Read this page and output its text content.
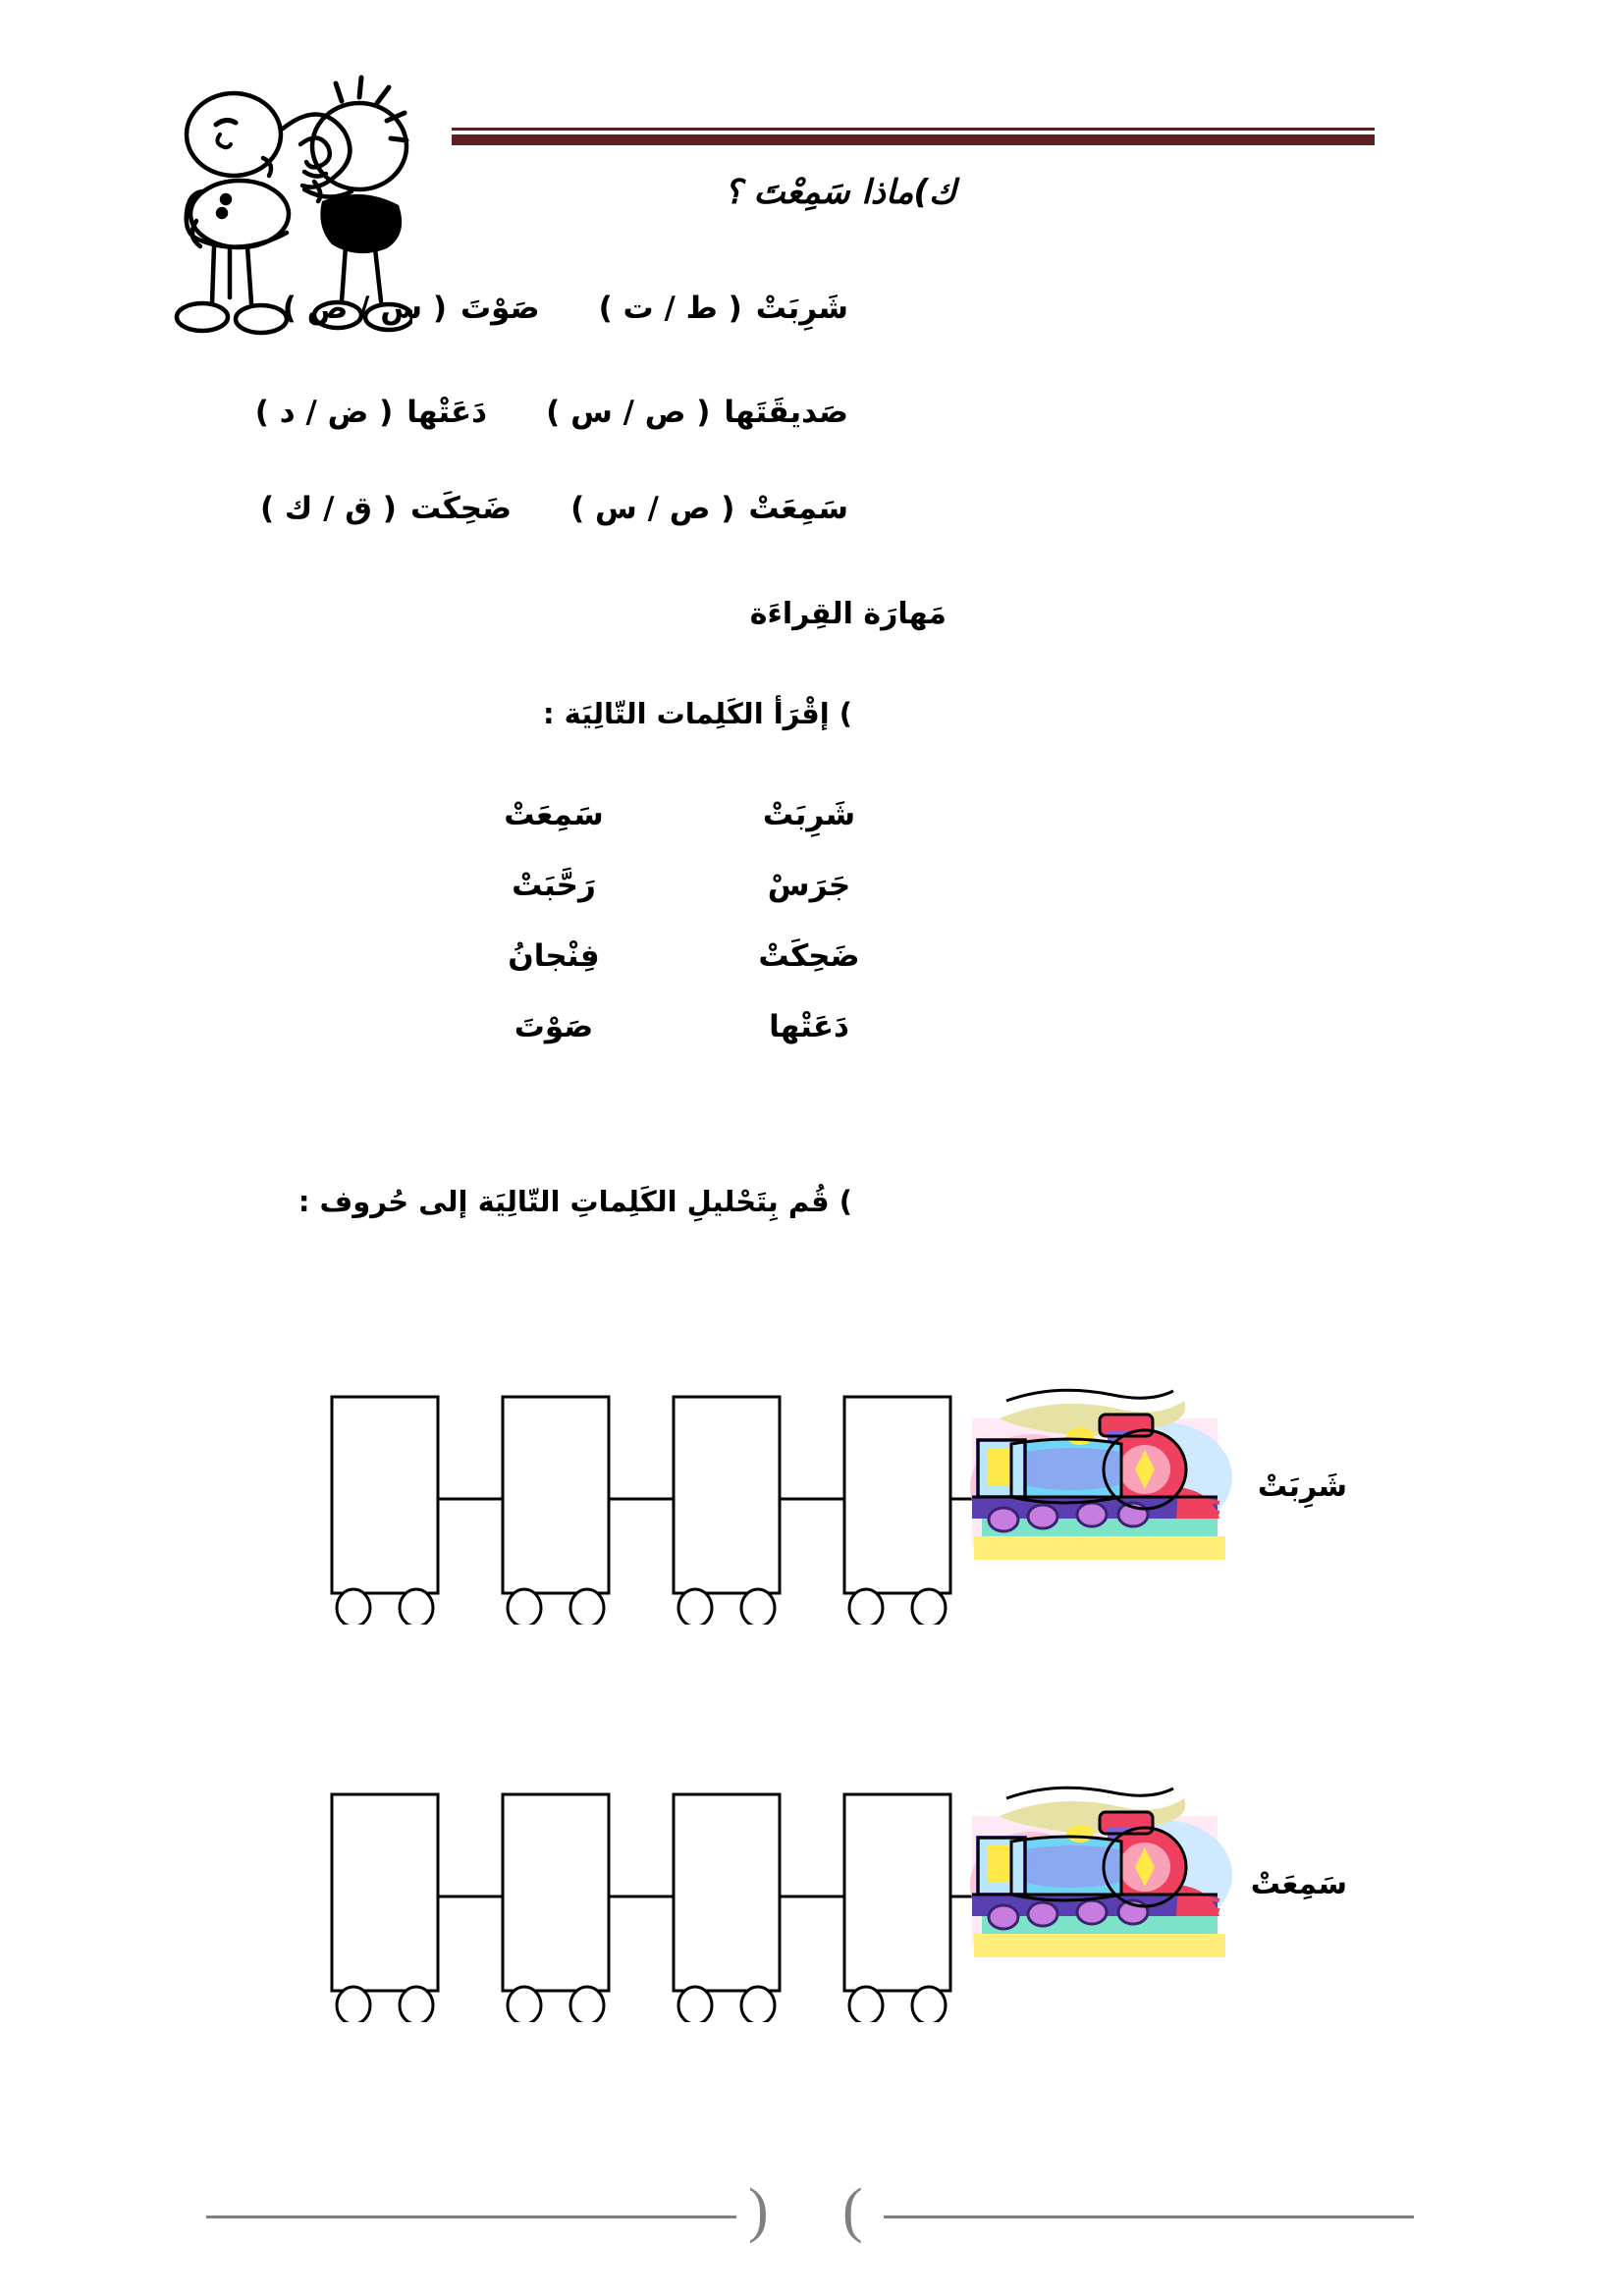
ك)ماذا سَمِعْتَ ؟
شَرِبَتْ
( ط / ت )
صَوْتَ
( س / ص )
صَديقَتَها
( ص / س )
دَعَتْها
( ض / د )
سَمِعَتْ
( ص / س )
ضَحِكَت
( ق / ك )
مَهارَة القِراءَة
) إقْرَأ الكَلِمات التّالِيَة :
شَرِبَتْ
سَمِعَتْ
جَرَسْ
رَحَّبَتْ
ضَحِكَتْ
فِنْجانُ
دَعَتْها
صَوْتَ
) قُم بِتَحْليلِ الكَلِماتِ التّالِيَة إلى حُروف :
شَرِبَتْ
سَمِعَتْ
( )
